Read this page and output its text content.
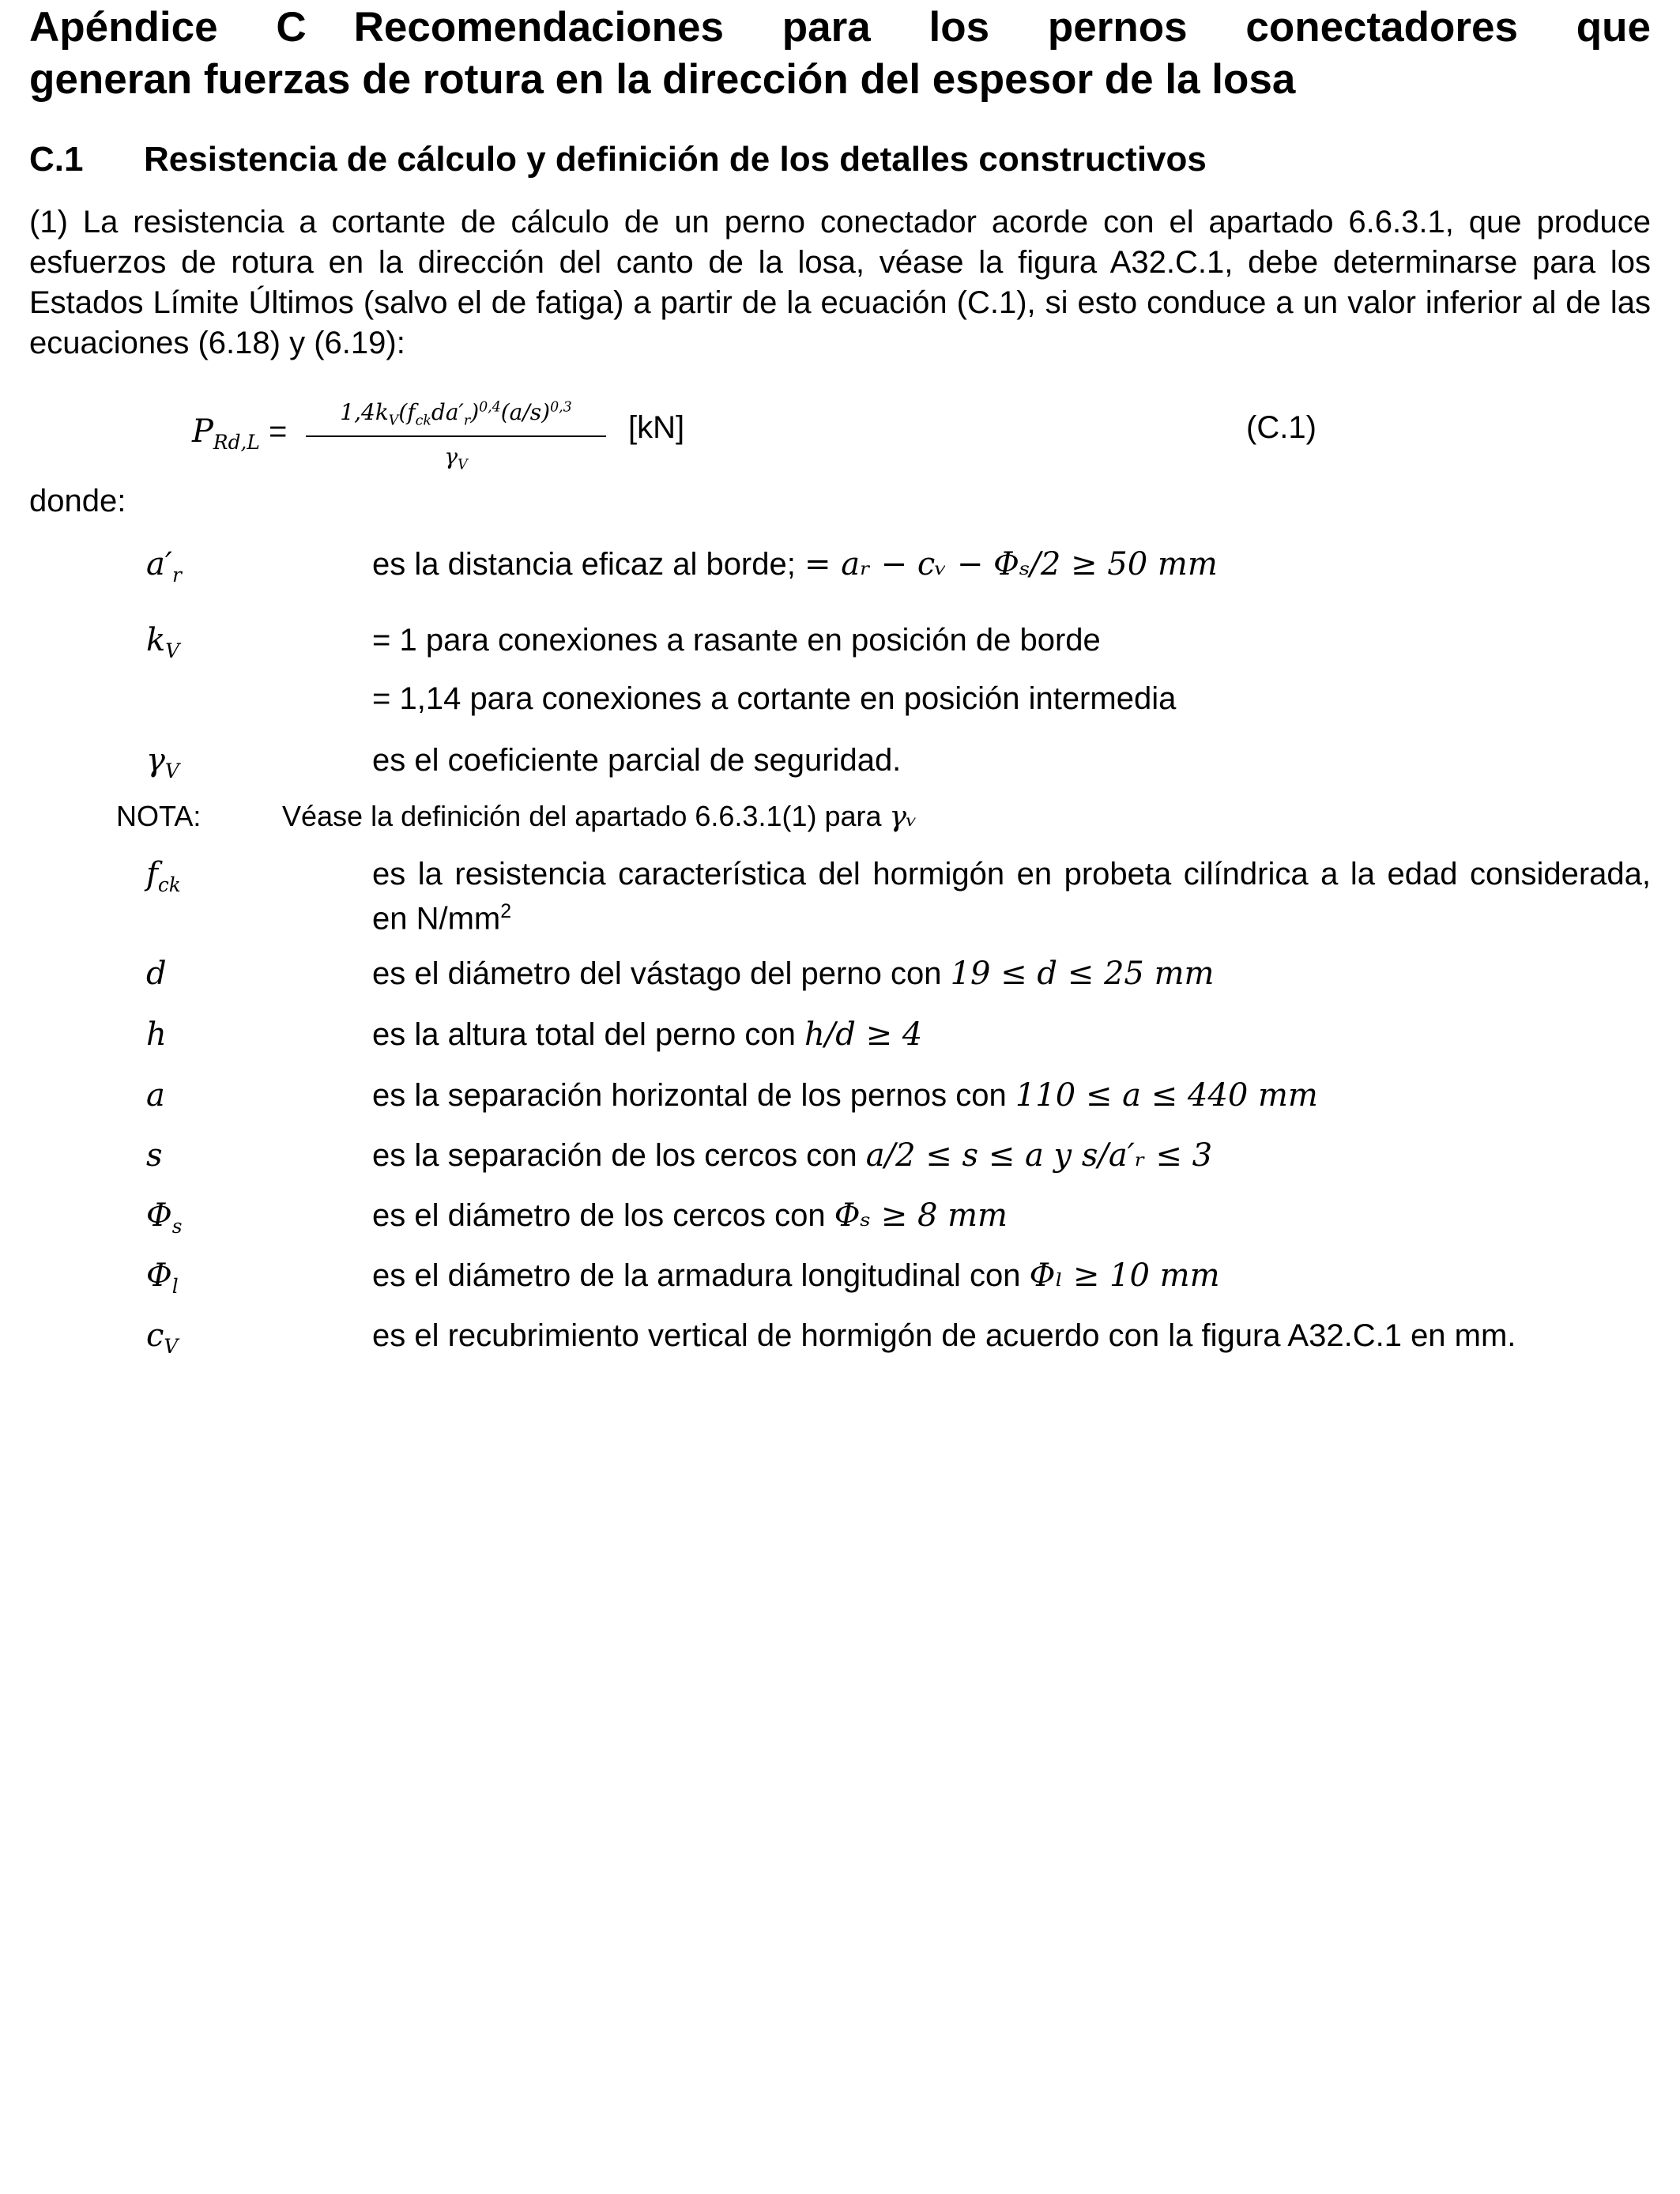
Apéndice C Recomendaciones para los pernos conectadores que
generan fuerzas de rotura en la dirección del espesor de la losa
C.1 Resistencia de cálculo y definición de los detalles constructivos
(1) La resistencia a cortante de cálculo de un perno conectador acorde con el apartado 6.6.3.1, que produce esfuerzos de rotura en la dirección del canto de la losa, véase la figura A32.C.1, debe determinarse para los Estados Límite Últimos (salvo el de fatiga) a partir de la ecuación (C.1), si esto conduce a un valor inferior al de las ecuaciones (6.18) y (6.19):
$P_{Rd,L}$ =
$1,4k_V(f_{ck}da'_r)^{0,4}(a/s)^{0,3}$
$\gamma_V$
[kN]	(C.1)
donde:
$a'_r$	es la distancia eficaz al borde; = aᵣ − cᵥ − Φₛ/2 ≥ 50 mm
$k_V$	= 1 para conexiones a rasante en posición de borde
= 1,14 para conexiones a cortante en posición intermedia
$\gamma_V$	es el coeficiente parcial de seguridad.
$f_{ck}$	es la resistencia característica del hormigón en probeta cilíndrica a la edad considerada, en $N/mm^2$
d	es el diámetro del vástago del perno con 19 ≤ d ≤ 25 mm
h	es la altura total del perno con h/d ≥ 4
a	es la separación horizontal de los pernos con 110 ≤ a ≤ 440 mm
s	es la separación de los cercos con a/2 ≤ s ≤ a y s/a′ᵣ ≤ 3
$\Phi_s$	es el diámetro de los cercos con Φₛ ≥ 8 mm
$\Phi_l$	es el diámetro de la armadura longitudinal con Φₗ ≥ 10 mm
$c_V$	es el recubrimiento vertical de hormigón de acuerdo con la figura A32.C.1 en mm.
NOTA:	Véase la definición del apartado 6.6.3.1(1) para γᵥ
